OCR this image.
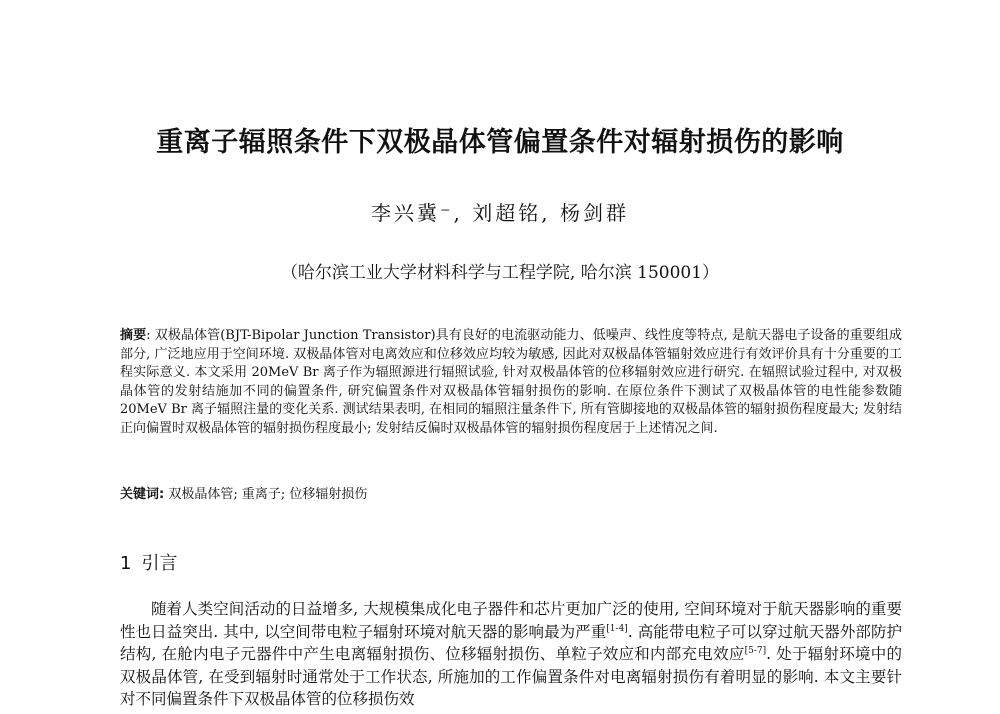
重离子辐照条件下双极晶体管偏置条件对辐射损伤的影响
李兴冀⁻, 刘超铭, 杨剑群
（哈尔滨工业大学材料科学与工程学院, 哈尔滨 150001）
摘要: 双极晶体管(BJT-Bipolar Junction Transistor)具有良好的电流驱动能力、低噪声、线性度等特点, 是航天器电子设备的重要组成部分, 广泛地应用于空间环境. 双极晶体管对电离效应和位移效应均较为敏感, 因此对双极晶体管辐射效应进行有效评价具有十分重要的工程实际意义. 本文采用 20MeV Br 离子作为辐照源进行辐照试验, 针对双极晶体管的位移辐射效应进行研究. 在辐照试验过程中, 对双极晶体管的发射结施加不同的偏置条件, 研究偏置条件对双极晶体管辐射损伤的影响. 在原位条件下测试了双极晶体管的电性能参数随 20MeV Br 离子辐照注量的变化关系. 测试结果表明, 在相同的辐照注量条件下, 所有管脚接地的双极晶体管的辐射损伤程度最大; 发射结正向偏置时双极晶体管的辐射损伤程度最小; 发射结反偏时双极晶体管的辐射损伤程度居于上述情况之间.
关键词: 双极晶体管; 重离子; 位移辐射损伤
1 引言
随着人类空间活动的日益增多, 大规模集成化电子器件和芯片更加广泛的使用, 空间环境对于航天器影响的重要性也日益突出. 其中, 以空间带电粒子辐射环境对航天器的影响最为严重[1-4]. 高能带电粒子可以穿过航天器外部防护结构, 在舱内电子元器件中产生电离辐射损伤、位移辐射损伤、单粒子效应和内部充电效应[5-7]. 处于辐射环境中的双极晶体管, 在受到辐射时通常处于工作状态, 所施加的工作偏置条件对电离辐射损伤有着明显的影响. 本文主要针对不同偏置条件下双极晶体管的位移损伤效
